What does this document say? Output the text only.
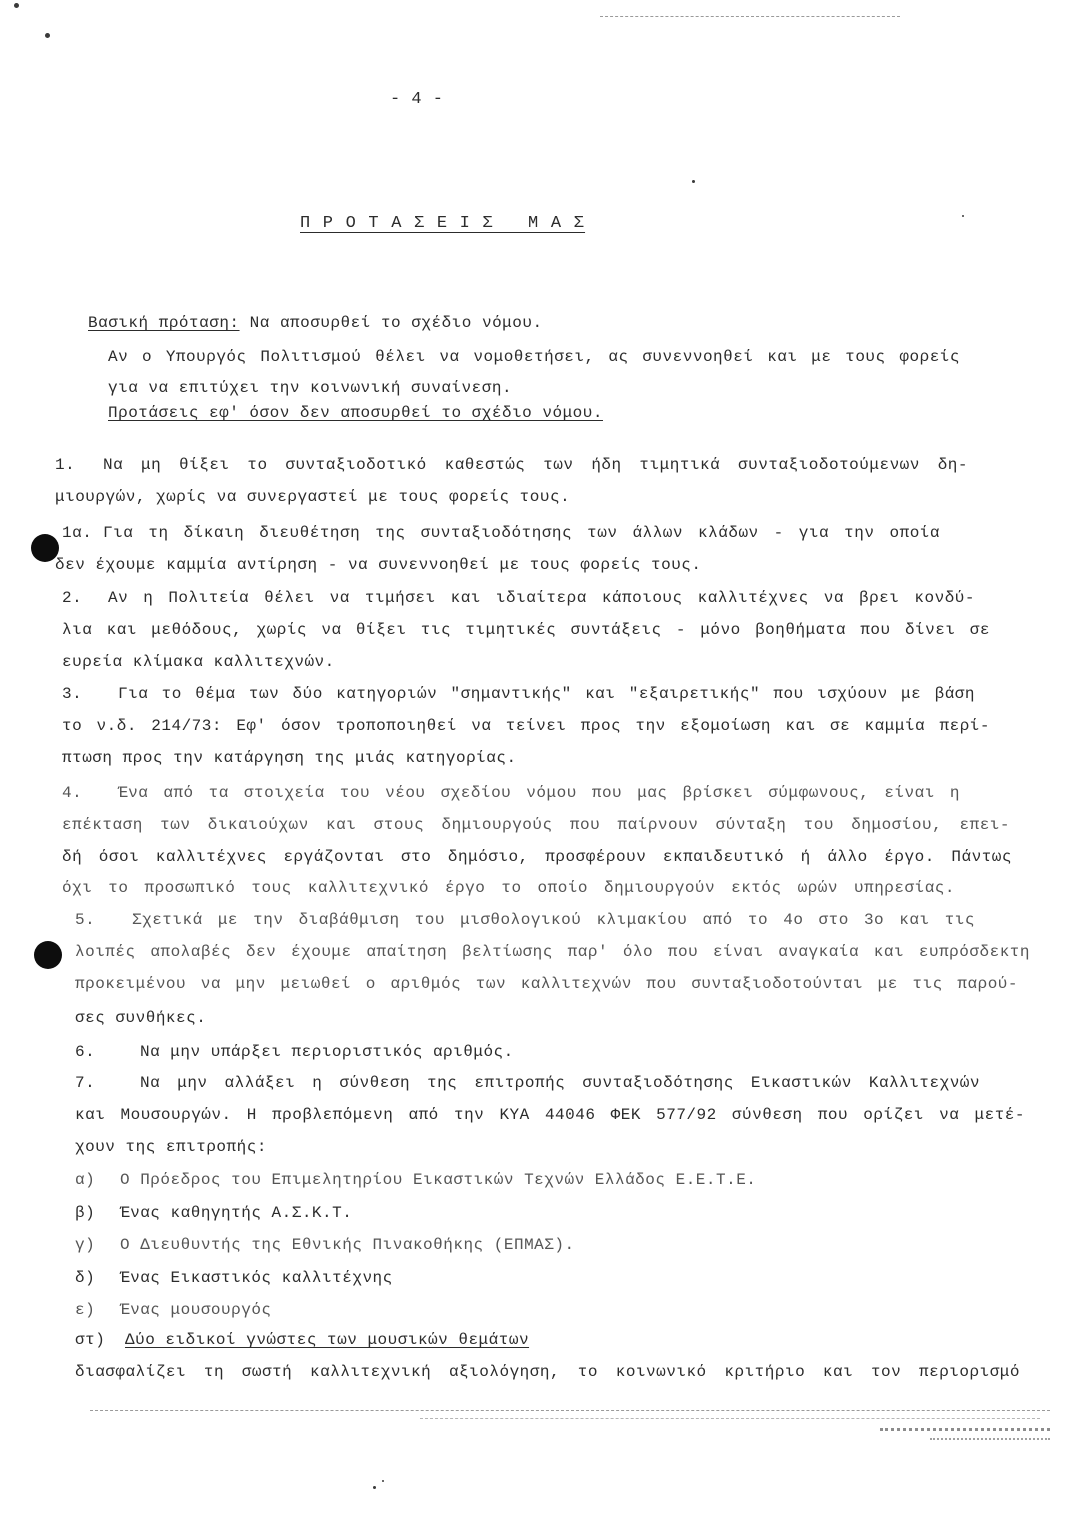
- 4 -
Π Ρ Ο Τ Α Σ Ε Ι Σ   Μ Α Σ
Βασική πρόταση: Να αποσυρθεί το σχέδιο νόμου.
Αν ο Υπουργός Πολιτισμού θέλει να νομοθετήσει, ας συνεννοηθεί και με τους φορείς
για να επιτύχει την κοινωνική συναίνεση.
Προτάσεις εφ' όσον δεν αποσυρθεί το σχέδιο νόμου.
1.	Να μη θίξει το συνταξιοδοτικό καθεστώς των ήδη τιμητικά συνταξιοδοτούμενων δη-
μιουργών, χωρίς να συνεργαστεί με τους φορείς τους.
1α. Για τη δίκαιη διευθέτηση της συνταξιοδότησης των άλλων κλάδων - για την οποία
δεν έχουμε καμμία αντίρηση - να συνεννοηθεί με τους φορείς τους.
2.	Αν η Πολιτεία θέλει να τιμήσει και ιδιαίτερα κάποιους καλλιτέχνες να βρει κονδύ-
λια και μεθόδους, χωρίς να θίξει τις τιμητικές συντάξεις - μόνο βοηθήματα που δίνει σε
ευρεία κλίμακα καλλιτεχνών.
3.	Για το θέμα των δύο κατηγοριών "σημαντικής" και "εξαιρετικής" που ισχύουν με βάση
το ν.δ. 214/73: Εφ' όσον τροποποιηθεί να τείνει προς την εξομοίωση και σε καμμία περί-
πτωση προς την κατάργηση της μιάς κατηγορίας.
4.	Ένα από τα στοιχεία του νέου σχεδίου νόμου που μας βρίσκει σύμφωνους, είναι η
επέκταση των δικαιούχων και στους δημιουργούς που παίρνουν σύνταξη του δημοσίου, επει-
δή όσοι καλλιτέχνες εργάζονται στο δημόσιο, προσφέρουν εκπαιδευτικό ή άλλο έργο. Πάντως
όχι το προσωπικό τους καλλιτεχνικό έργο το οποίο δημιουργούν εκτός ωρών υπηρεσίας.
5.	Σχετικά με την διαβάθμιση του μισθολογικού κλιμακίου από το 4ο στο 3ο και τις
λοιπές απολαβές δεν έχουμε απαίτηση βελτίωσης παρ' όλο που είναι αναγκαία και ευπρόσδεκτη
προκειμένου να μην μειωθεί ο αριθμός των καλλιτεχνών που συνταξιοδοτούνται με τις παρού-
σες συνθήκες.
6.	Να μην υπάρξει περιοριστικός αριθμός.
7.	Να μην αλλάξει η σύνθεση της επιτροπής συνταξιοδότησης Εικαστικών Καλλιτεχνών
και Μουσουργών. Η προβλεπόμενη από την ΚΥΑ 44046 ΦΕΚ 577/92 σύνθεση που ορίζει να μετέ-
χουν της επιτροπής:
α) Ο Πρόεδρος του Επιμελητηρίου Εικαστικών Τεχνών Ελλάδος Ε.Ε.Τ.Ε.
β) Ένας καθηγητής Α.Σ.Κ.Τ.
γ) Ο Διευθυντής της Εθνικής Πινακοθήκης (ΕΠΜΑΣ).
δ) Ένας Εικαστικός καλλιτέχνης
ε) Ένας μουσουργός
στ) Δύο ειδικοί γνώστες των μουσικών θεμάτων
διασφαλίζει τη σωστή καλλιτεχνική αξιολόγηση, το κοινωνικό κριτήριο και τον περιορισμό
